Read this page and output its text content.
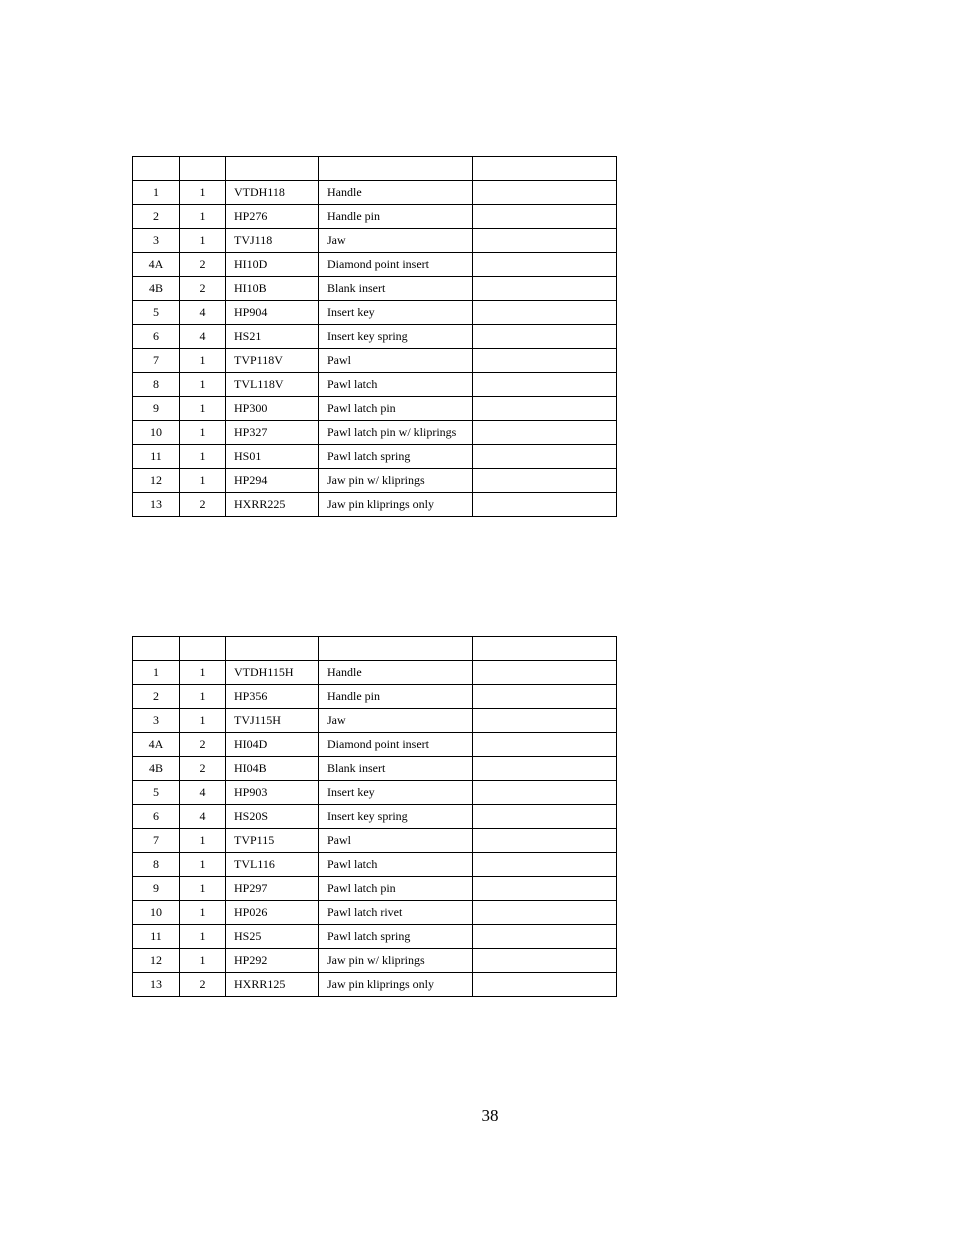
1	1	VTDH118	Handle	
2	1	HP276	Handle pin	
3	1	TVJ118	Jaw	
4A	2	HI10D	Diamond point insert	
4B	2	HI10B	Blank insert	
5	4	HP904	Insert key	
6	4	HS21	Insert key spring	
7	1	TVP118V	Pawl	
8	1	TVL118V	Pawl latch	
9	1	HP300	Pawl latch pin	
10	1	HP327	Pawl latch pin w/ kliprings	
11	1	HS01	Pawl latch spring	
12	1	HP294	Jaw pin w/ kliprings	
13	2	HXRR225	Jaw pin kliprings only	

1	1	VTDH115H	Handle	
2	1	HP356	Handle pin	
3	1	TVJ115H	Jaw	
4A	2	HI04D	Diamond point insert	
4B	2	HI04B	Blank insert	
5	4	HP903	Insert key	
6	4	HS20S	Insert key spring	
7	1	TVP115	Pawl	
8	1	TVL116	Pawl latch	
9	1	HP297	Pawl latch pin	
10	1	HP026	Pawl latch rivet	
11	1	HS25	Pawl latch spring	
12	1	HP292	Jaw pin w/ kliprings	
13	2	HXRR125	Jaw pin kliprings only	
38
